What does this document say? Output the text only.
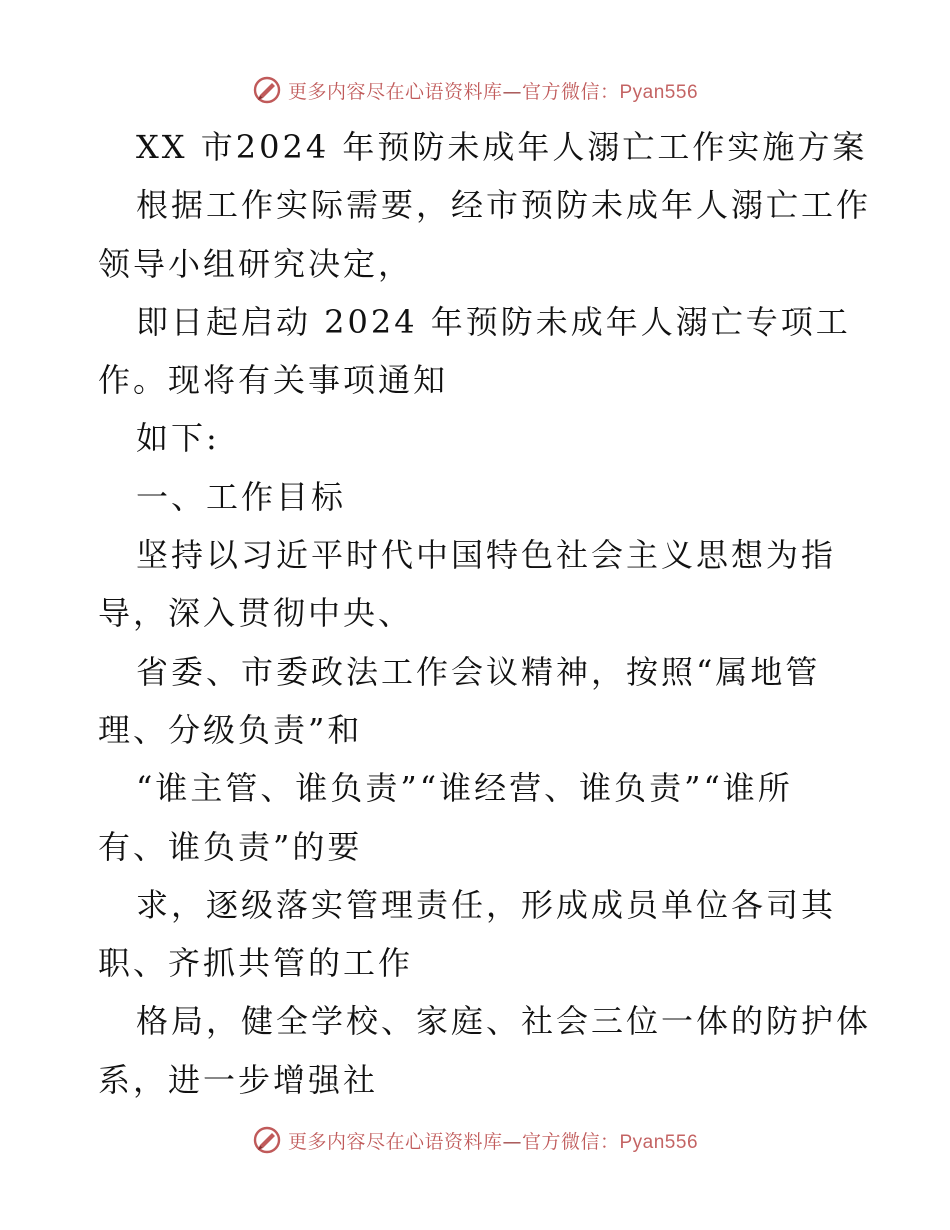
更多内容尽在心语资料库—官方微信：Pyan556
XX 市2024 年预防未成年人溺亡工作实施方案
根据工作实际需要，经市预防未成年人溺亡工作
领导小组研究决定，
即日起启动 2024 年预防未成年人溺亡专项工
作。现将有关事项通知
如下:
一、工作目标
坚持以习近平时代中国特色社会主义思想为指
导，深入贯彻中央、
省委、市委政法工作会议精神，按照“属地管
理、分级负责”和
“谁主管、谁负责”“谁经营、谁负责”“谁所
有、谁负责”的要
求，逐级落实管理责任，形成成员单位各司其
职、齐抓共管的工作
格局，健全学校、家庭、社会三位一体的防护体
系，进一步增强社
更多内容尽在心语资料库—官方微信：Pyan556
